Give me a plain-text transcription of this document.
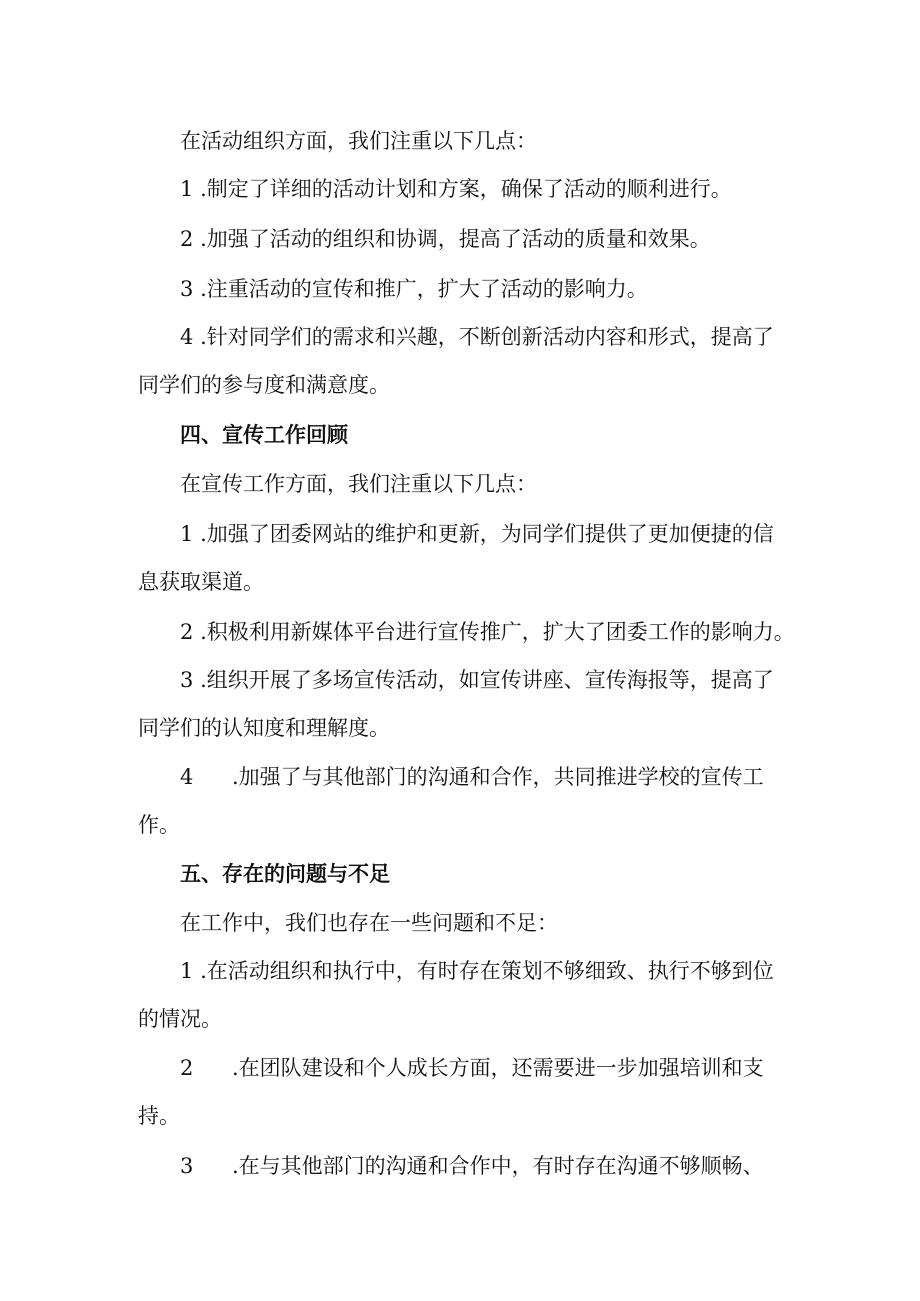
在活动组织方面，我们注重以下几点：
1 .制定了详细的活动计划和方案，确保了活动的顺利进行。
2 .加强了活动的组织和协调，提高了活动的质量和效果。
3 .注重活动的宣传和推广，扩大了活动的影响力。
4 .针对同学们的需求和兴趣，不断创新活动内容和形式，提高了
同学们的参与度和满意度。
四、宣传工作回顾
在宣传工作方面，我们注重以下几点：
1 .加强了团委网站的维护和更新，为同学们提供了更加便捷的信
息获取渠道。
2 .积极利用新媒体平台进行宣传推广，扩大了团委工作的影响力。
3 .组织开展了多场宣传活动，如宣传讲座、宣传海报等，提高了
同学们的认知度和理解度。
4 .加强了与其他部门的沟通和合作，共同推进学校的宣传工
作。
五、存在的问题与不足
在工作中，我们也存在一些问题和不足：
1 .在活动组织和执行中，有时存在策划不够细致、执行不够到位
的情况。
2 .在团队建设和个人成长方面，还需要进一步加强培训和支
持。
3 .在与其他部门的沟通和合作中，有时存在沟通不够顺畅、
